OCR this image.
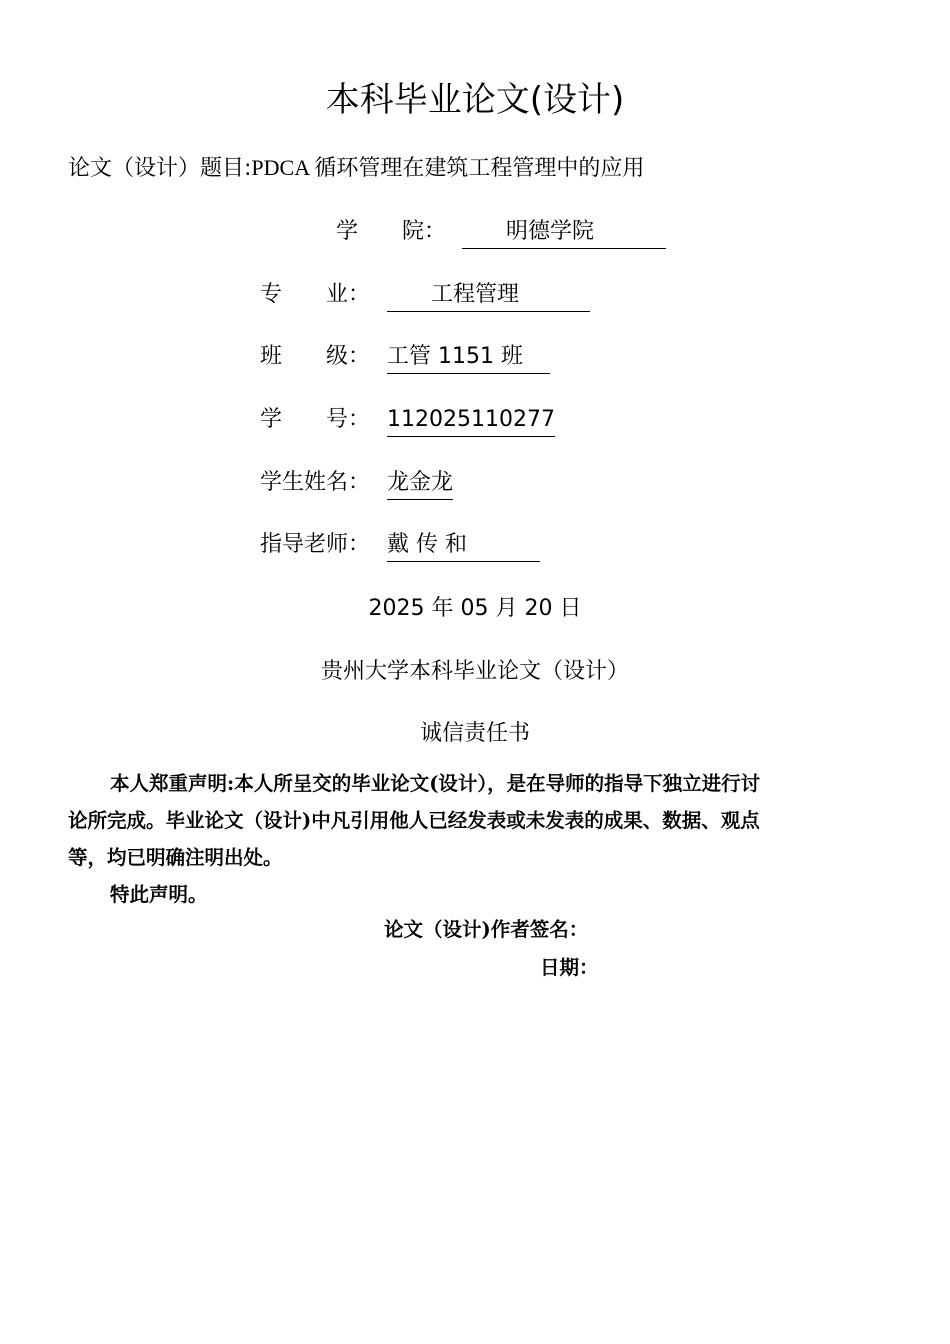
本科毕业论文(设计)
论文（设计）题目:PDCA 循环管理在建筑工程管理中的应用
学　　院： 　　明德学院　　
专　　业： 　　工程管理　　
班　　级： 工管 1151 班　
学　　号： 112025110277
学生姓名： 龙金龙
指导老师： 戴 传 和　　
2025 年 05 月 20 日
贵州大学本科毕业论文（设计）
诚信责任书
本人郑重声明:本人所呈交的毕业论文(设计），是在导师的指导下独立进行讨
论所完成。毕业论文（设计)中凡引用他人已经发表或未发表的成果、数据、观点
等，均已明确注明出处。
特此声明。
论文（设计)作者签名：
日期：
